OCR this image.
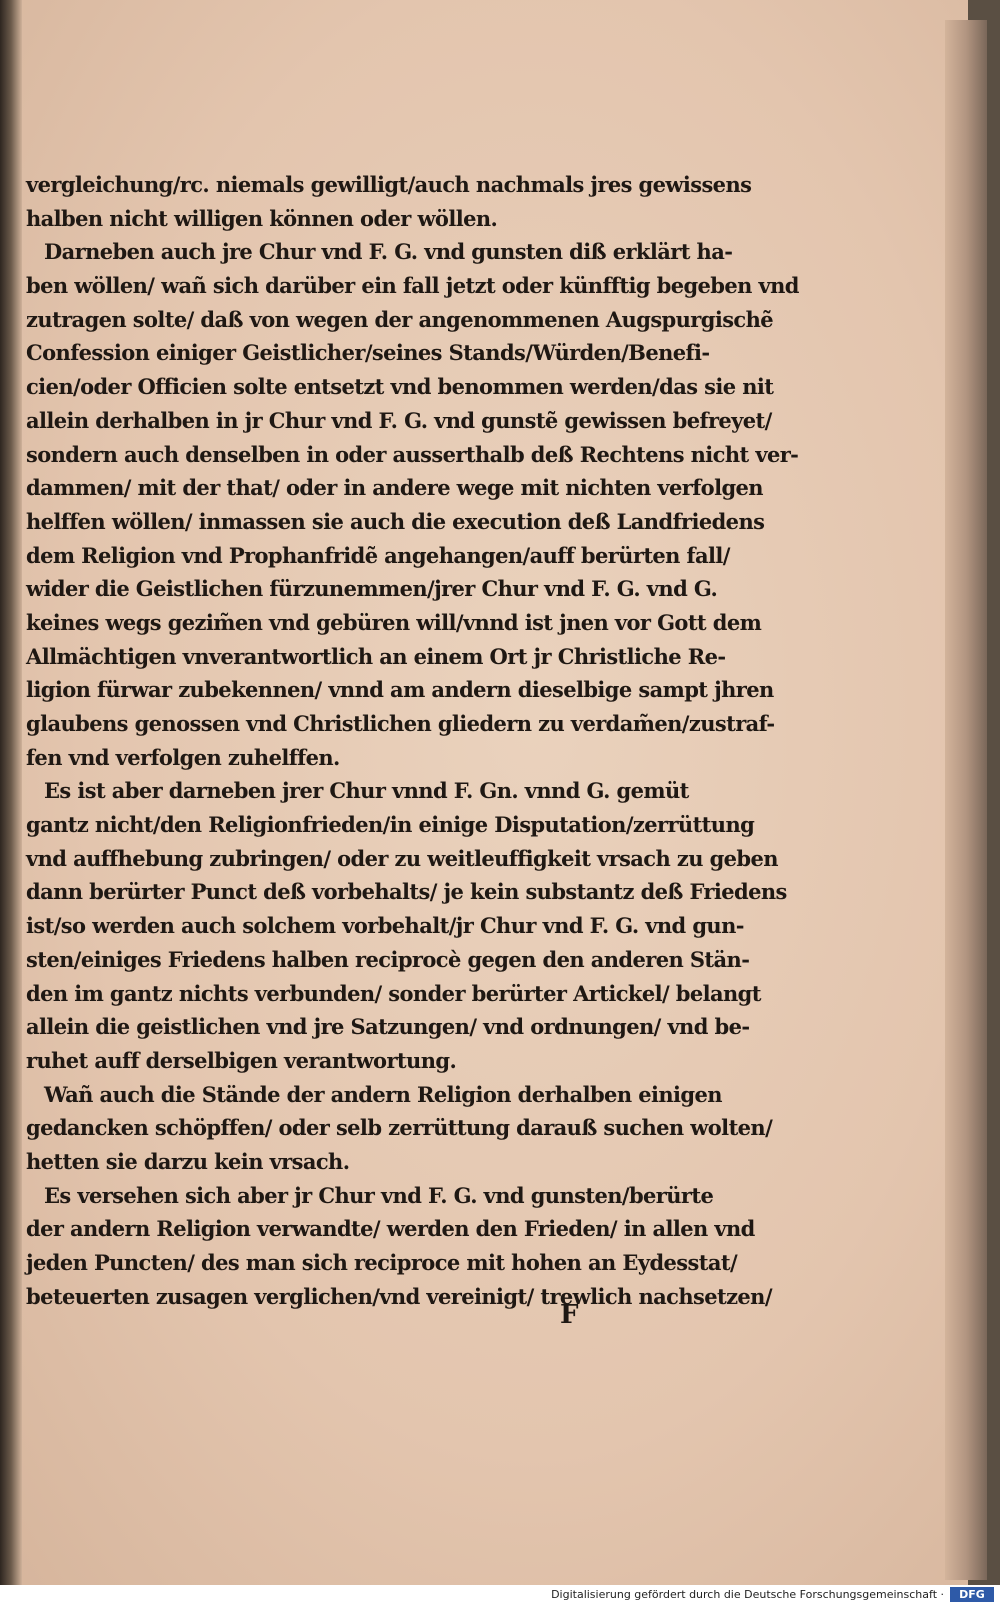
vergleichung/rc. niemals gewilligt/auch nachmals jres gewissens
halben nicht willigen können oder wöllen.
Darneben auch jre Chur vnd F. G. vnd gunsten diß erklärt ha-
ben wöllen/ wañ sich darüber ein fall jetzt oder künfftig begeben vnd
zutragen solte/ daß von wegen der angenommenen Augspurgischẽ
Confession einiger Geistlicher/seines Stands/Würden/Benefi-
cien/oder Officien solte entsetzt vnd benommen werden/das sie nit
allein derhalben in jr Chur vnd F. G. vnd gunstẽ gewissen befreyet/
sondern auch denselben in oder ausserthalb deß Rechtens nicht ver-
dammen/ mit der that/ oder in andere wege mit nichten verfolgen
helffen wöllen/ inmassen sie auch die execution deß Landfriedens
dem Religion vnd Prophanfridẽ angehangen/auff berürten fall/
wider die Geistlichen fürzunemmen/jrer Chur vnd F. G. vnd G.
keines wegs gezim̃en vnd gebüren will/vnnd ist jnen vor Gott dem
Allmächtigen vnverantwortlich an einem Ort jr Christliche Re-
ligion fürwar zubekennen/ vnnd am andern dieselbige sampt jhren
glaubens genossen vnd Christlichen gliedern zu verdam̃en/zustraf-
fen vnd verfolgen zuhelffen.
Es ist aber darneben jrer Chur vnnd F. Gn. vnnd G. gemüt
gantz nicht/den Religionfrieden/in einige Disputation/zerrüttung
vnd auffhebung zubringen/ oder zu weitleuffigkeit vrsach zu geben
dann berürter Punct deß vorbehalts/ je kein substantz deß Friedens
ist/so werden auch solchem vorbehalt/jr Chur vnd F. G. vnd gun-
sten/einiges Friedens halben reciprocè gegen den anderen Stän-
den im gantz nichts verbunden/ sonder berürter Artickel/ belangt
allein die geistlichen vnd jre Satzungen/ vnd ordnungen/ vnd be-
ruhet auff derselbigen verantwortung.
Wañ auch die Stände der andern Religion derhalben einigen
gedancken schöpffen/ oder selb zerrüttung darauß suchen wolten/
hetten sie darzu kein vrsach.
Es versehen sich aber jr Chur vnd F. G. vnd gunsten/berürte
der andern Religion verwandte/ werden den Frieden/ in allen vnd
jeden Puncten/ des man sich reciproce mit hohen an Eydesstat/
beteuerten zusagen verglichen/vnd vereinigt/ trewlich nachsetzen/
F
Digitalisierung gefördert durch die Deutsche Forschungsgemeinschaft ·	DFG
